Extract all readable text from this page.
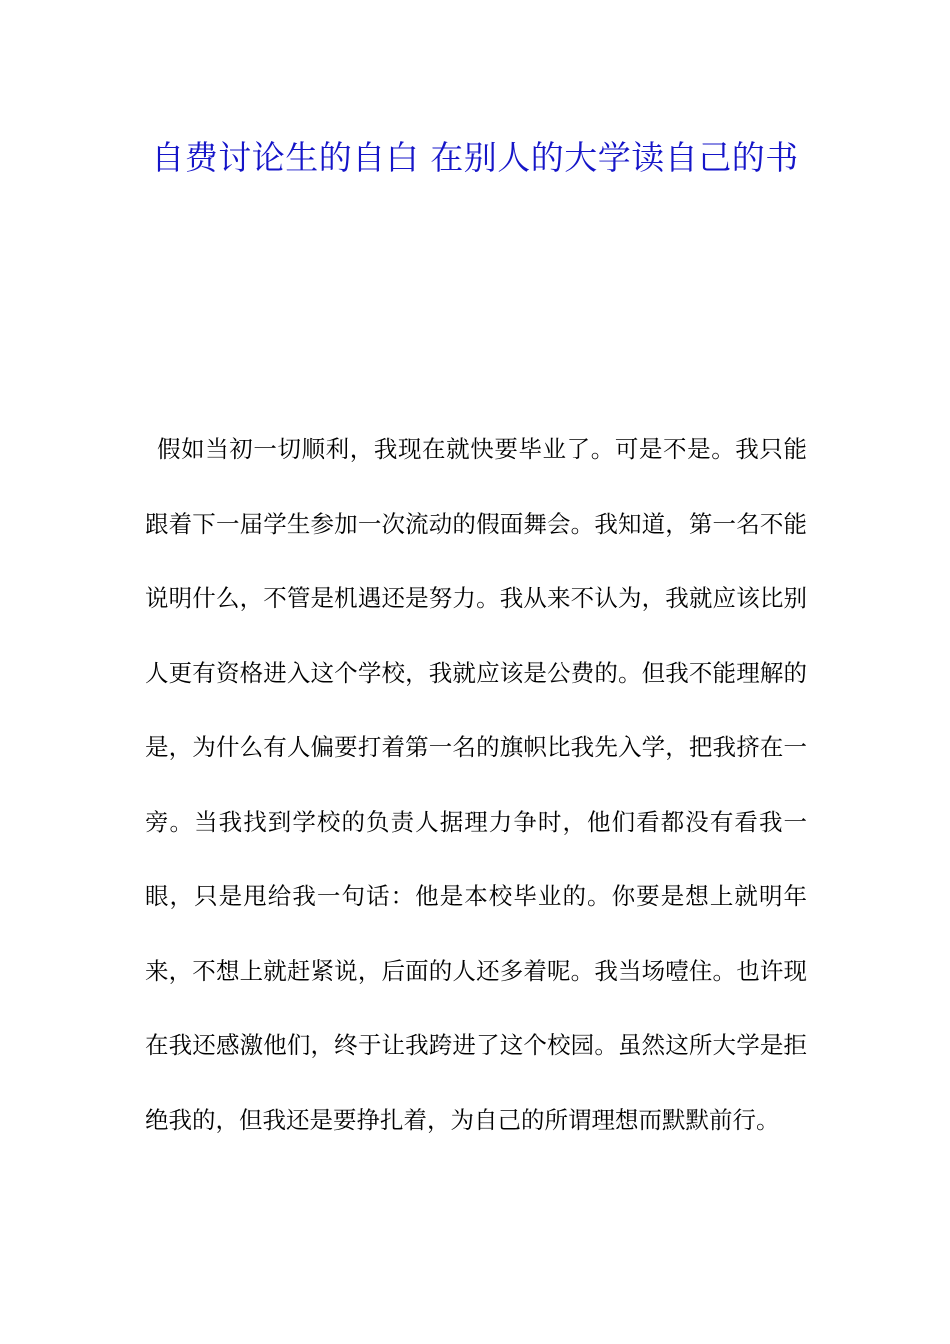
自费讨论生的自白 在别人的大学读自己的书

假如当初一切顺利，我现在就快要毕业了。可是不是。我只能跟着下一届学生参加一次流动的假面舞会。我知道，第一名不能说明什么，不管是机遇还是努力。我从来不认为，我就应该比别人更有资格进入这个学校，我就应该是公费的。但我不能理解的是，为什么有人偏要打着第一名的旗帜比我先入学，把我挤在一旁。当我找到学校的负责人据理力争时，他们看都没有看我一眼，只是甩给我一句话：他是本校毕业的。你要是想上就明年来，不想上就赶紧说，后面的人还多着呢。我当场噎住。也许现在我还感激他们，终于让我跨进了这个校园。虽然这所大学是拒绝我的，但我还是要挣扎着，为自己的所谓理想而默默前行。
